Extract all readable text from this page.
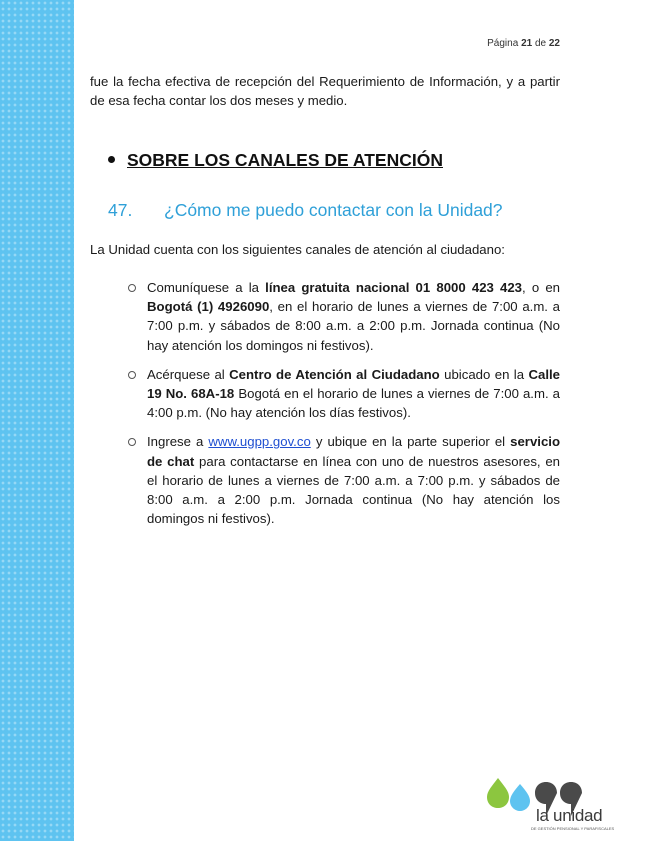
Página 21 de 22

fue la fecha efectiva de recepción del Requerimiento de Información, y a partir de esa fecha contar los dos meses y medio.

SOBRE LOS CANALES DE ATENCIÓN
47. ¿Cómo me puedo contactar con la Unidad?
La Unidad cuenta con los siguientes canales de atención al ciudadano:
Comuníquese a la línea gratuita nacional 01 8000 423 423, o en Bogotá (1) 4926090, en el horario de lunes a viernes de 7:00 a.m. a 7:00 p.m. y sábados de 8:00 a.m. a 2:00 p.m. Jornada continua (No hay atención los domingos ni festivos).
Acérquese al Centro de Atención al Ciudadano ubicado en la Calle 19 No. 68A-18 Bogotá en el horario de lunes a viernes de 7:00 a.m. a 4:00 p.m. (No hay atención los días festivos).
Ingrese a www.ugpp.gov.co y ubique en la parte superior el servicio de chat para contactarse en línea con uno de nuestros asesores, en el horario de lunes a viernes de 7:00 a.m. a 7:00 p.m. y sábados de 8:00 a.m. a 2:00 p.m. Jornada continua (No hay atención los domingos ni festivos).
la unidad
DE GESTIÓN PENSIONAL Y PARAFISCALES
